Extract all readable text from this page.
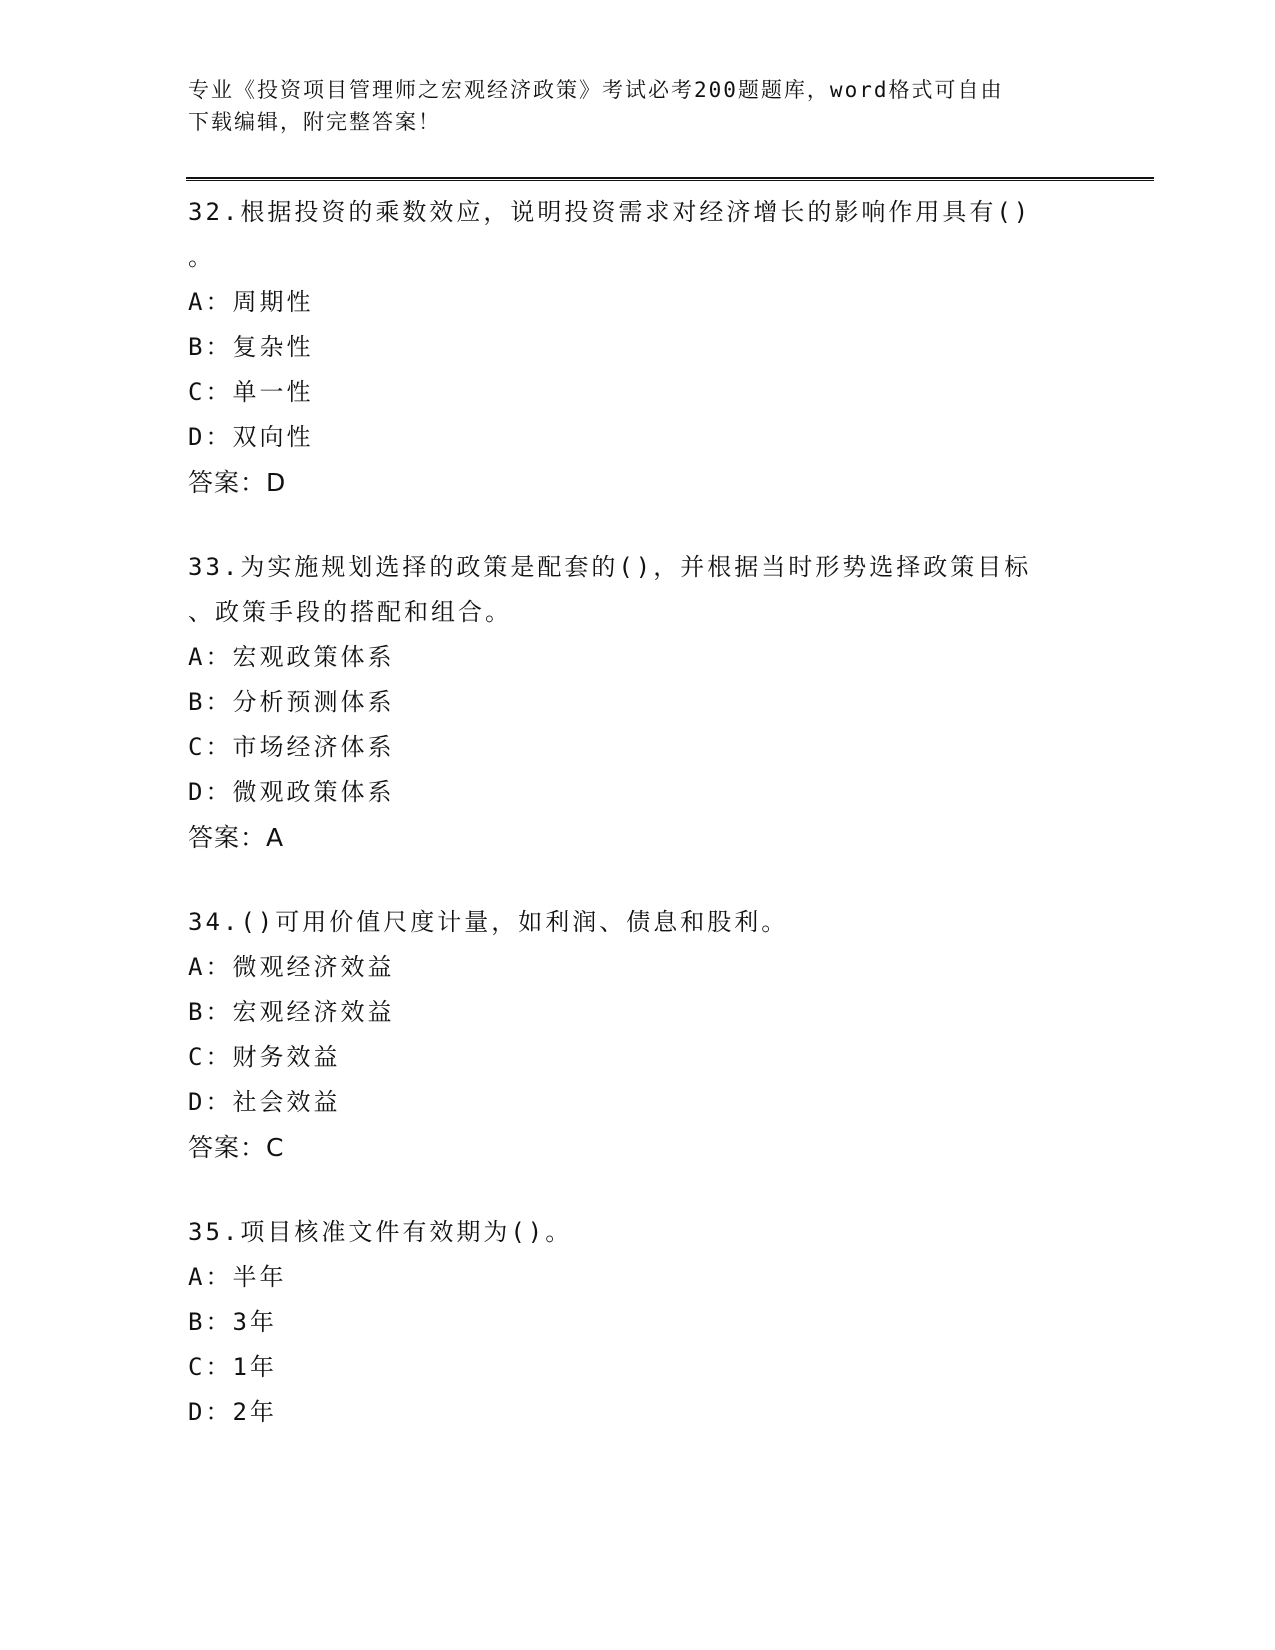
专业《投资项目管理师之宏观经济政策》考试必考200题题库，word格式可自由
下载编辑，附完整答案！
32.根据投资的乘数效应，说明投资需求对经济增长的影响作用具有()
。
A：周期性
B：复杂性
C：单一性
D：双向性
答案：D
33.为实施规划选择的政策是配套的()，并根据当时形势选择政策目标
、政策手段的搭配和组合。
A：宏观政策体系
B：分析预测体系
C：市场经济体系
D：微观政策体系
答案：A
34.()可用价值尺度计量，如利润、债息和股利。
A：微观经济效益
B：宏观经济效益
C：财务效益
D：社会效益
答案：C
35.项目核准文件有效期为()。
A：半年
B：3年
C：1年
D：2年
